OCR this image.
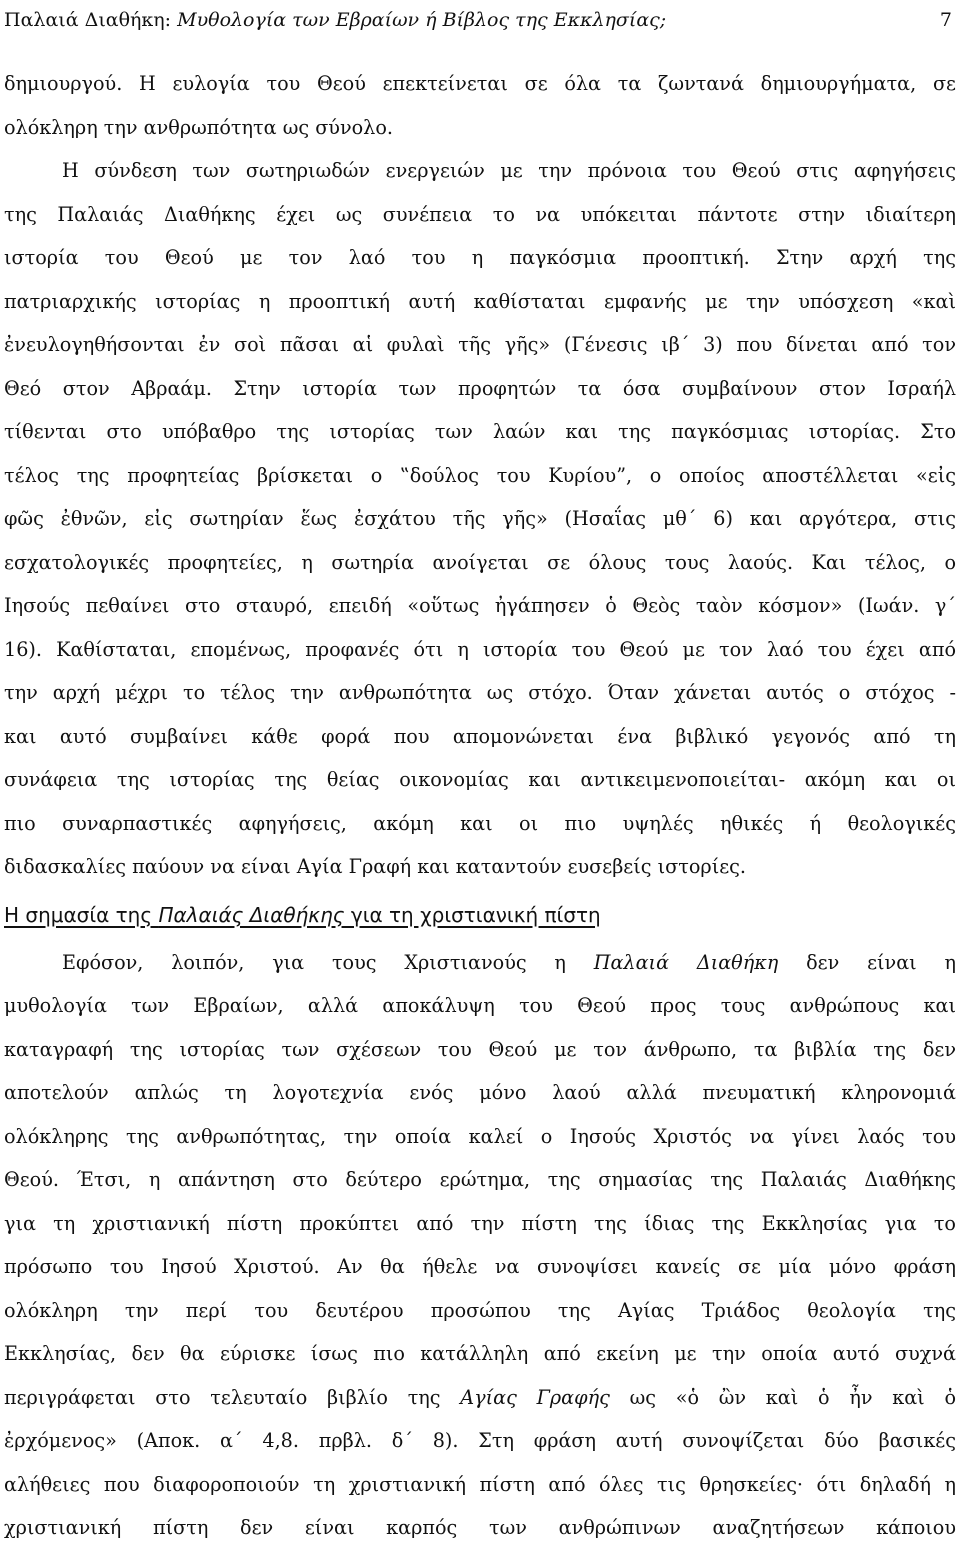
Παλαιά Διαθήκη: Μυθολογία των Εβραίων ή Βίβλος της Εκκλησίας;	7
δημιουργού. Η ευλογία του Θεού επεκτείνεται σε όλα τα ζωντανά δημιουργήματα, σε
ολόκληρη την ανθρωπότητα ως σύνολο.
Η σύνδεση των σωτηριωδών ενεργειών με την πρόνοια του Θεού στις αφηγήσεις
της Παλαιάς Διαθήκης έχει ως συνέπεια το να υπόκειται πάντοτε στην ιδιαίτερη
ιστορία του Θεού με τον λαό του η παγκόσμια προοπτική. Στην αρχή της
πατριαρχικής ιστορίας η προοπτική αυτή καθίσταται εμφανής με την υπόσχεση «καὶ
ἐνευλογηθήσονται ἐν σοὶ πᾶσαι αἱ φυλαὶ τῆς γῆς» (Γένεσις ιβ΄ 3) που δίνεται από τον
Θεό στον Αβραάμ. Στην ιστορία των προφητών τα όσα συμβαίνουν στον Ισραήλ
τίθενται στο υπόβαθρο της ιστορίας των λαών και της παγκόσμιας ιστορίας. Στο
τέλος της προφητείας βρίσκεται ο ‟δούλος του Κυρίου”, ο οποίος αποστέλλεται «εἰς
φῶς ἐθνῶν, εἰς σωτηρίαν ἕως ἐσχάτου τῆς γῆς» (Ησαΐας μθ΄ 6) και αργότερα, στις
εσχατολογικές προφητείες, η σωτηρία ανοίγεται σε όλους τους λαούς. Και τέλος, ο
Ιησούς πεθαίνει στο σταυρό, επειδή «οὕτως ἠγάπησεν ὁ Θεὸς ταὸν κόσμον» (Ιωάν. γ΄
16). Καθίσταται, επομένως, προφανές ότι η ιστορία του Θεού με τον λαό του έχει από
την αρχή μέχρι το τέλος την ανθρωπότητα ως στόχο. Όταν χάνεται αυτός ο στόχος -
και αυτό συμβαίνει κάθε φορά που απομονώνεται ένα βιβλικό γεγονός από τη
συνάφεια της ιστορίας της θείας οικονομίας και αντικειμενοποιείται- ακόμη και οι
πιο συναρπαστικές αφηγήσεις, ακόμη και οι πιο υψηλές ηθικές ή θεολογικές
διδασκαλίες παύουν να είναι Αγία Γραφή και καταντούν ευσεβείς ιστορίες.
Η σημασία της Παλαιάς Διαθήκης για τη χριστιανική πίστη
Εφόσον, λοιπόν, για τους Χριστιανούς η Παλαιά Διαθήκη δεν είναι η
μυθολογία των Εβραίων, αλλά αποκάλυψη του Θεού προς τους ανθρώπους και
καταγραφή της ιστορίας των σχέσεων του Θεού με τον άνθρωπο, τα βιβλία της δεν
αποτελούν απλώς τη λογοτεχνία ενός μόνο λαού αλλά πνευματική κληρονομιά
ολόκληρης της ανθρωπότητας, την οποία καλεί ο Ιησούς Χριστός να γίνει λαός του
Θεού. Έτσι, η απάντηση στο δεύτερο ερώτημα, της σημασίας της Παλαιάς Διαθήκης
για τη χριστιανική πίστη προκύπτει από την πίστη της ίδιας της Εκκλησίας για το
πρόσωπο του Ιησού Χριστού. Αν θα ήθελε να συνοψίσει κανείς σε μία μόνο φράση
ολόκληρη την περί του δευτέρου προσώπου της Αγίας Τριάδος θεολογία της
Εκκλησίας, δεν θα εύρισκε ίσως πιο κατάλληλη από εκείνη με την οποία αυτό συχνά
περιγράφεται στο τελευταίο βιβλίο της Αγίας Γραφής ως «ὁ ὢν καὶ ὁ ἦν καὶ ὁ
ἐρχόμενος» (Αποκ. α΄ 4,8. πρβλ. δ΄ 8). Στη φράση αυτή συνοψίζεται δύο βασικές
αλήθειες που διαφοροποιούν τη χριστιανική πίστη από όλες τις θρησκείες· ότι δηλαδή η
χριστιανική πίστη δεν είναι καρπός των ανθρώπινων αναζητήσεων κάποιου
